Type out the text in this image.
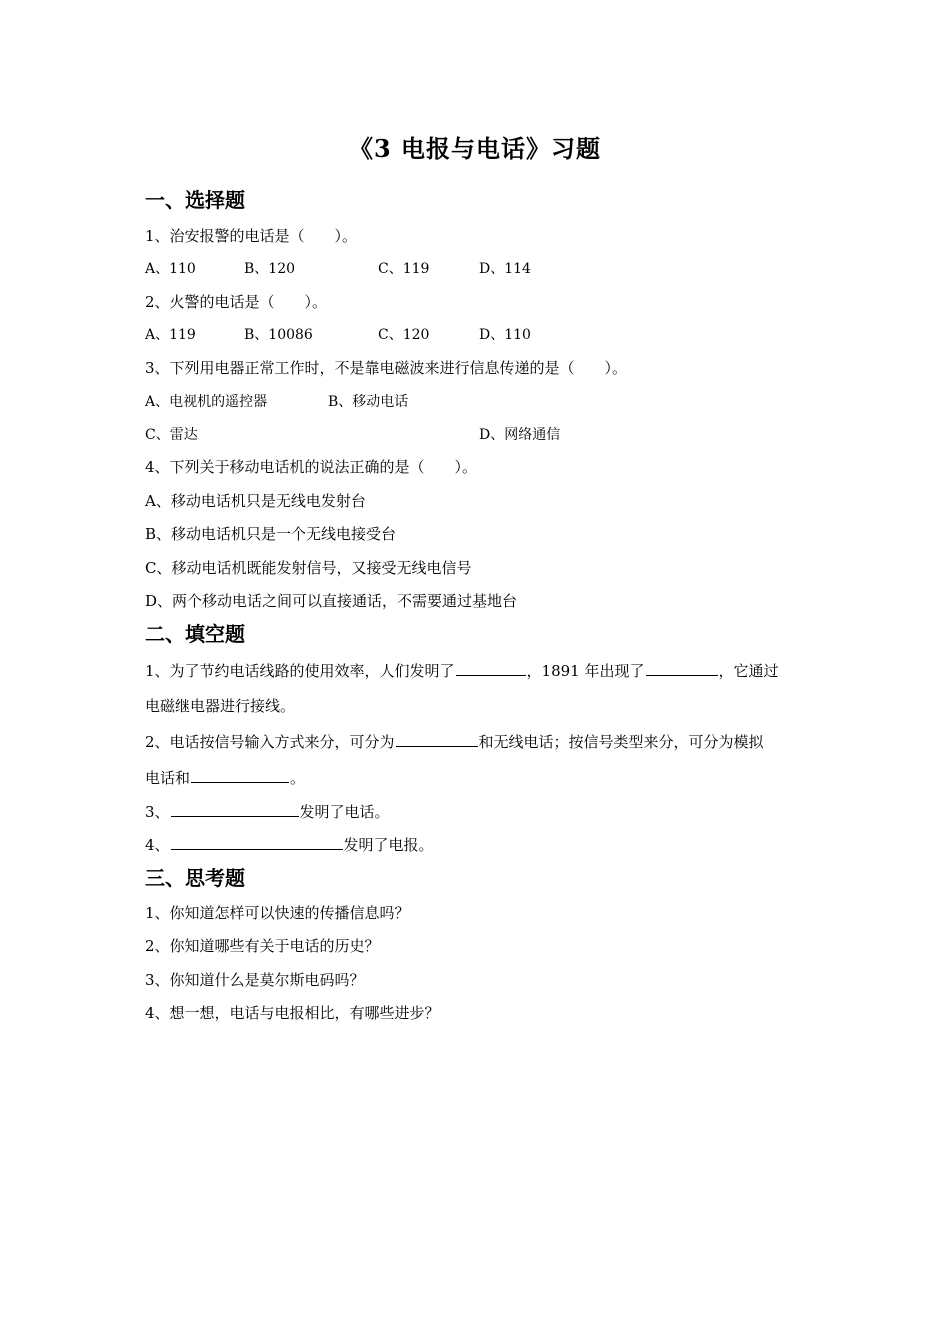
《3 电报与电话》习题
一、选择题
1、治安报警的电话是（　　）。
A、110	B、120	C、119	D、114
2、火警的电话是（　　）。
A、119	B、10086	C、120	D、110
3、下列用电器正常工作时，不是靠电磁波来进行信息传递的是（　　）。
A、电视机的遥控器	B、移动电话
C、雷达	D、网络通信
4、下列关于移动电话机的说法正确的是（　　）。
A、移动电话机只是无线电发射台
B、移动电话机只是一个无线电接受台
C、移动电话机既能发射信号，又接受无线电信号
D、两个移动电话之间可以直接通话，不需要通过基地台
二、填空题
1、为了节约电话线路的使用效率，人们发明了	，1891 年出现了	，它通过
电磁继电器进行接线。
2、电话按信号输入方式来分，可分为	和无线电话；按信号类型来分，可分为模拟
电话和	。
3、	发明了电话。
4、	发明了电报。
三、思考题
1、你知道怎样可以快速的传播信息吗？
2、你知道哪些有关于电话的历史？
3、你知道什么是莫尔斯电码吗？
4、想一想，电话与电报相比，有哪些进步？
